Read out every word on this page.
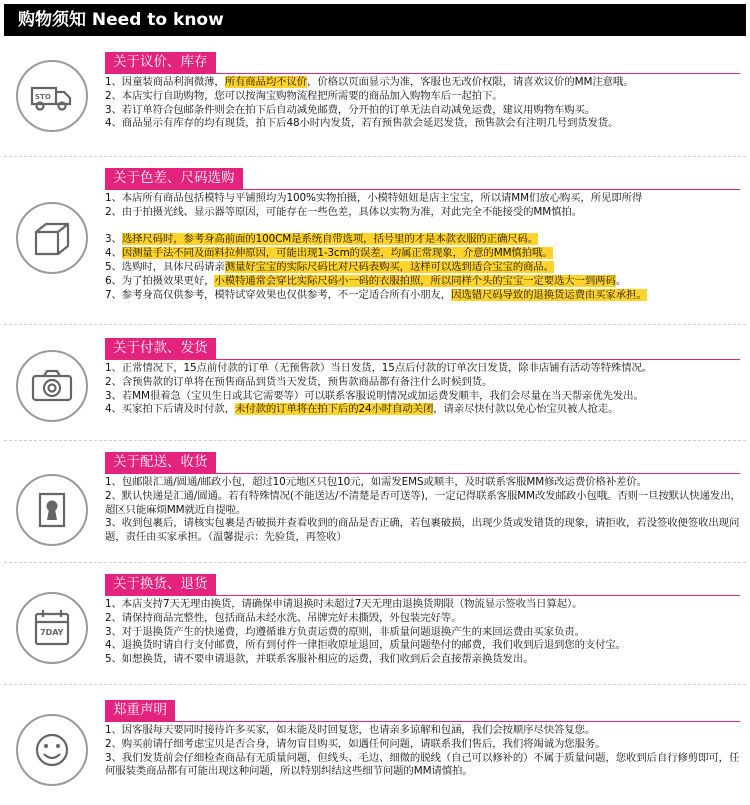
购物须知 Need to know
关于议价、库存
STO

1、因童装商品利润微薄，所有商品均不议价，价格以页面显示为准，客服也无改价权限，请喜欢议价的MM注意哦。

2、本店实行自助购物，您可以按淘宝购物流程把所需要的商品加入购物车后一起拍下。

3、若订单符合包邮条件则会在拍下后自动减免邮费，分开拍的订单无法自动减免运费，建议用购物车购买。

4、商品显示有库存的均有现货，拍下后48小时内发货，若有预售款会延迟发货，预售款会有注明几号到货发货。

关于色差、尺码选购

1、本店所有商品包括模特与平铺照均为100%实物拍摄，小模特妞妞是店主宝宝，所以请MM们放心购买，所见即所得

2、由于拍摄光线、显示器等原因，可能存在一些色差，具体以实物为准，对此完全不能接受的MM慎拍。

3、选择尺码时，参考身高前面的100CM是系统自带选项，括号里的才是本款衣服的正确尺码。

4、因测量手法不同及面料拉伸原因，可能出现1-3cm的误差，均属正常现象，介意的MM慎拍哦。

5、选购时，具体尺码请亲测量好宝宝的实际尺码比对尺码表购买，这样可以选到适合宝宝的商品。

6、为了拍摄效果更好，小模特通常会穿比实际尺码小一码的衣服拍照，所以同样个头的宝宝一定要选大一到两码。

7、参考身高仅供参考，模特试穿效果也仅供参考，不一定适合所有小朋友，因选错尺码导致的退换货运费由买家承担。

关于付款、发货

1、正常情况下，15点前付款的订单（无预售款）当日发货，15点后付款的订单次日发货，除非店铺有活动等特殊情况。

2、含预售款的订单将在预售商品到货当天发货，预售款商品都有备注什么时候到货。

3、若MM很着急（宝贝生日或其它需要等）可以联系客服说明情况或加运费发顺丰，我们会尽量在当天帮亲优先发出。

4、买家拍下后请及时付款，未付款的订单将在拍下后的24小时自动关闭，请亲尽快付款以免心怡宝贝被人抢走。

关于配送、收货

1、包邮限汇通/圆通/邮政小包，超过10元地区只包10元，如需发EMS或顺丰，及时联系客服MM修改运费价格补差价。

2、默认快递是汇通/圆通。若有特殊情况(不能送达/不清楚是否可送等)，一定记得联系客服MM改发邮政小包哦。否则一旦按默认快递发出，超区只能麻烦MM就近自提啦。

3、收到包裹后，请核实包裹是否破损并查看收到的商品是否正确，若包裹破损，出现少货或发错货的现象，请拒收，若没签收便签收出现问题，责任由买家承担。（温馨提示：先验货，再签收）

关于换货、退货
7DAY

1、本店支持7天无理由换货，请确保申请退换时未超过7天无理由退换货期限（物流显示签收当日算起）。

2、请保持商品完整性，包括商品未经水洗、吊牌完好未撕毁，外包装完好等。

3、对于退换货产生的快递费，均遵循谁方负责运费的原则，非质量问题退换产生的来回运费由买家负责。

4、退换货时请自行支付邮费，所有到付件一律拒收原址退回，质量问题垫付的邮费，我们收到后退到您的支付宝。

5、如想换货，请不要申请退款，并联系客服补相应的运费，我们收到后会直接帮亲换货发出。

郑重声明

1、因客服每天要同时接待许多买家，如未能及时回复您，也请亲多谅解和包涵，我们会按顺序尽快答复您。

2、购买前请仔细考虑宝贝是否合身，请勿盲目购买，如遇任何问题，请联系我们售后，我们将竭诚为您服务。

3、我们发货前会仔细检查商品有无质量问题，但线头、毛边、细微的脱线（自己可以修补的）不属于质量问题，您收到后自行修剪即可，任何服装类商品都有可能出现这种问题，所以特别纠结这些细节问题的MM请慎拍。
